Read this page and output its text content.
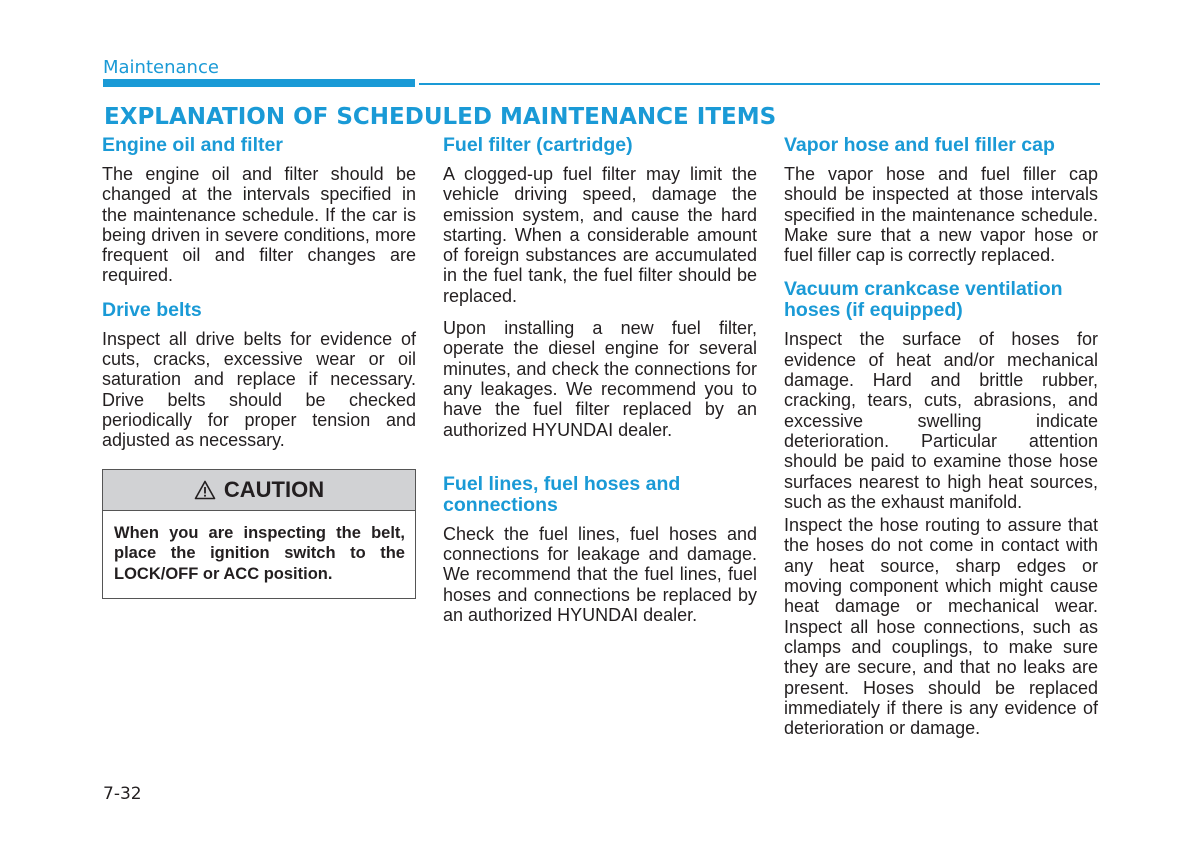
Maintenance
EXPLANATION OF SCHEDULED MAINTENANCE ITEMS
Engine oil and filter
The engine oil and filter should be changed at the intervals specified in the maintenance schedule. If the car is being driven in severe conditions, more frequent oil and filter changes are required.
Drive belts
Inspect all drive belts for evidence of cuts, cracks, excessive wear or oil saturation and replace if necessary. Drive belts should be checked periodically for proper tension and adjusted as necessary.
CAUTION
When you are inspecting the belt, place the ignition switch to the LOCK/OFF or ACC position.
Fuel filter (cartridge)
A clogged-up fuel filter may limit the vehicle driving speed, damage the emission system, and cause the hard starting. When a considerable amount of foreign substances are accumulated in the fuel tank, the fuel filter should be replaced.
Upon installing a new fuel filter, operate the diesel engine for several minutes, and check the connections for any leakages. We recommend you to have the fuel filter replaced by an authorized HYUNDAI dealer.
Fuel lines, fuel hoses and connections
Check the fuel lines, fuel hoses and connections for leakage and damage. We recommend that the fuel lines, fuel hoses and connections be replaced by an authorized HYUNDAI dealer.
Vapor hose and fuel filler cap
The vapor hose and fuel filler cap should be inspected at those intervals specified in the maintenance schedule. Make sure that a new vapor hose or fuel filler cap is correctly replaced.
Vacuum crankcase ventilation hoses (if equipped)
Inspect the surface of hoses for evidence of heat and/or mechanical damage. Hard and brittle rubber, cracking, tears, cuts, abrasions, and excessive swelling indicate deterioration. Particular attention should be paid to examine those hose surfaces nearest to high heat sources, such as the exhaust manifold.
Inspect the hose routing to assure that the hoses do not come in contact with any heat source, sharp edges or moving component which might cause heat damage or mechanical wear. Inspect all hose connections, such as clamps and couplings, to make sure they are secure, and that no leaks are present. Hoses should be replaced immediately if there is any evidence of deterioration or damage.
7-32
